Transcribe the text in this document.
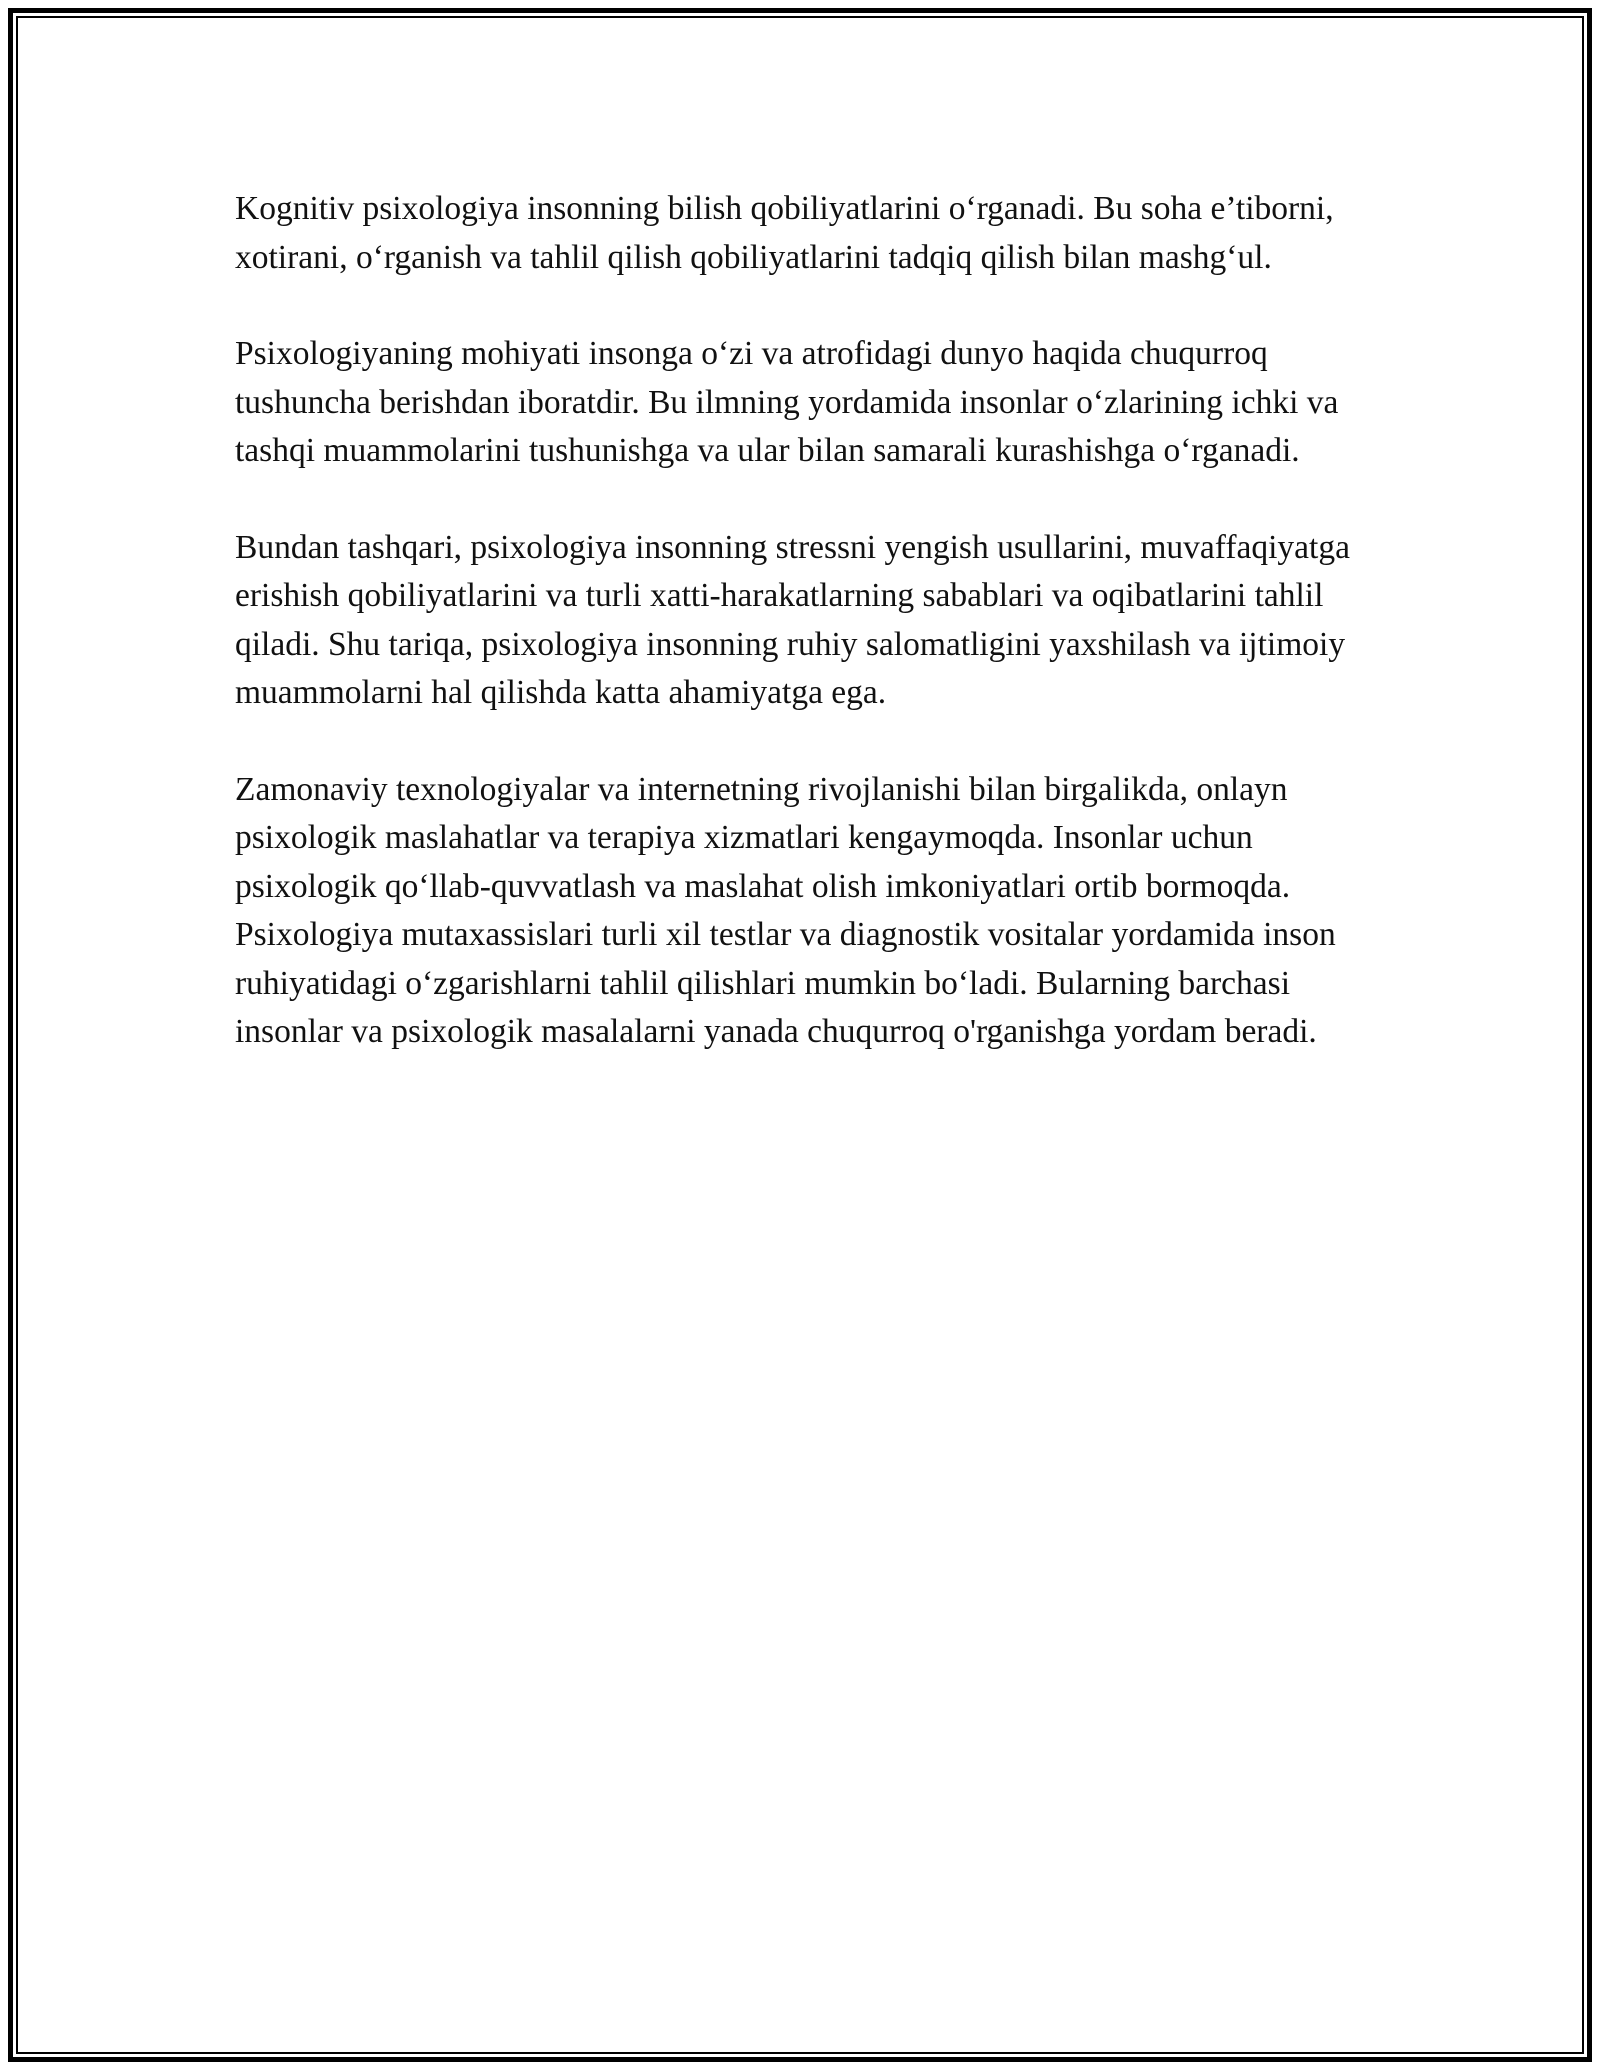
Kognitiv psixologiya insonning bilish qobiliyatlarini o‘rganadi. Bu soha e’tiborni, xotirani, o‘rganish va tahlil qilish qobiliyatlarini tadqiq qilish bilan mashg‘ul.

Psixologiyaning mohiyati insonga o‘zi va atrofidagi dunyo haqida chuqurroq tushuncha berishdan iboratdir. Bu ilmning yordamida insonlar o‘zlarining ichki va tashqi muammolarini tushunishga va ular bilan samarali kurashishga o‘rganadi.

Bundan tashqari, psixologiya insonning stressni yengish usullarini, muvaffaqiyatga erishish qobiliyatlarini va turli xatti-harakatlarning sabablari va oqibatlarini tahlil qiladi. Shu tariqa, psixologiya insonning ruhiy salomatligini yaxshilash va ijtimoiy muammolarni hal qilishda katta ahamiyatga ega.

Zamonaviy texnologiyalar va internetning rivojlanishi bilan birgalikda, onlayn psixologik maslahatlar va terapiya xizmatlari kengaymoqda. Insonlar uchun psixologik qo‘llab-quvvatlash va maslahat olish imkoniyatlari ortib bormoqda. Psixologiya mutaxassislari turli xil testlar va diagnostik vositalar yordamida inson ruhiyatidagi o‘zgarishlarni tahlil qilishlari mumkin bo‘ladi. Bularning barchasi insonlar va psixologik masalalarni yanada chuqurroq o'rganishga yordam beradi.
